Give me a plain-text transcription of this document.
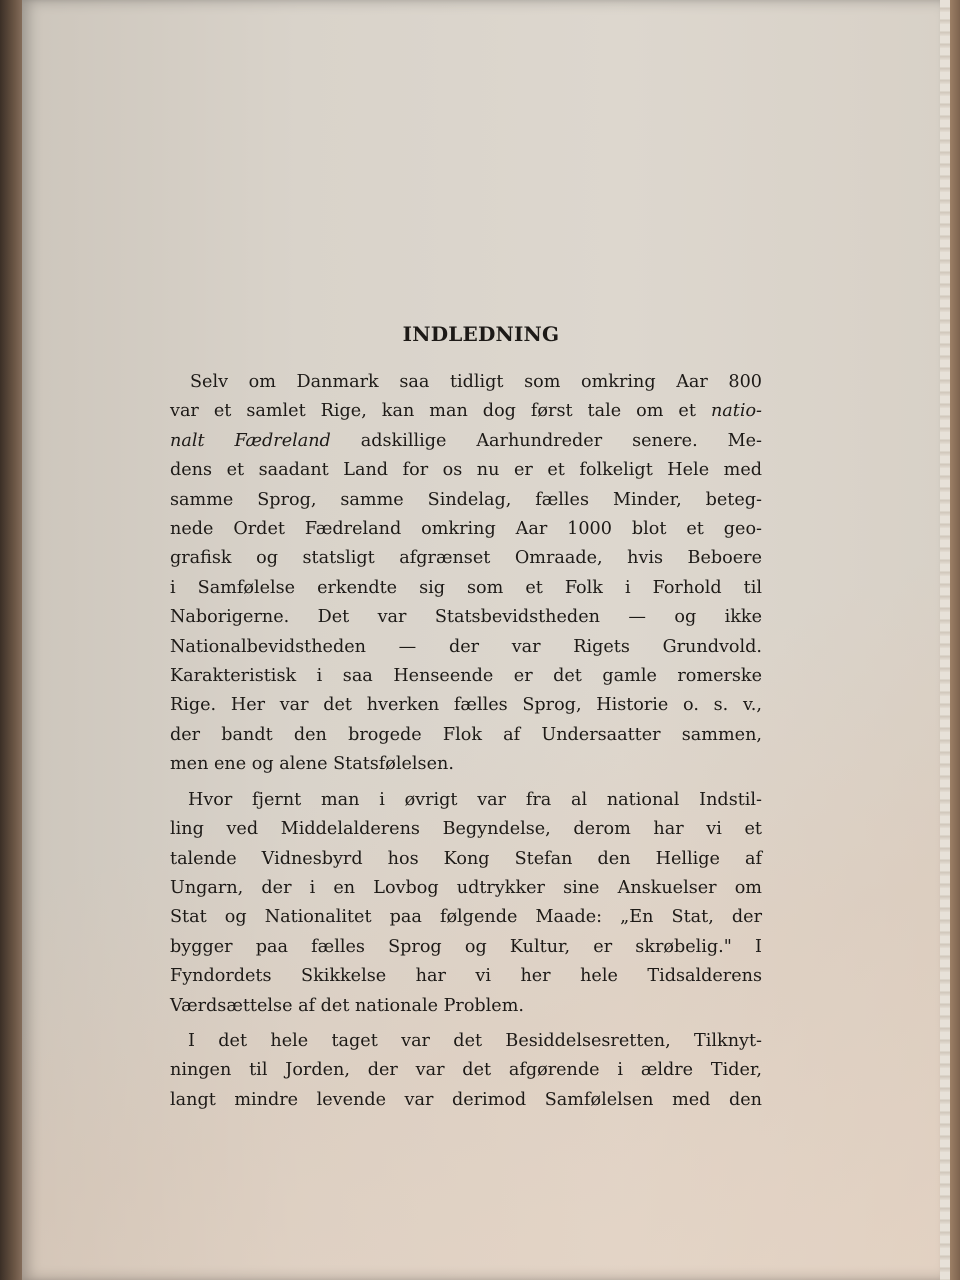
INDLEDNING
Selv om Danmark saa tidligt som omkring Aar 800
var et samlet Rige, kan man dog først tale om et natio-
nalt Fædreland adskillige Aarhundreder senere. Me-
dens et saadant Land for os nu er et folkeligt Hele med
samme Sprog, samme Sindelag, fælles Minder, beteg-
nede Ordet Fædreland omkring Aar 1000 blot et geo-
grafisk og statsligt afgrænset Omraade, hvis Beboere
i Samfølelse erkendte sig som et Folk i Forhold til
Naborigerne. Det var Statsbevidstheden — og ikke
Nationalbevidstheden — der var Rigets Grundvold.
Karakteristisk i saa Henseende er det gamle romerske
Rige. Her var det hverken fælles Sprog, Historie o. s. v.,
der bandt den brogede Flok af Undersaatter sammen,
men ene og alene Statsfølelsen.
Hvor fjernt man i øvrigt var fra al national Indstil-
ling ved Middelalderens Begyndelse, derom har vi et
talende Vidnesbyrd hos Kong Stefan den Hellige af
Ungarn, der i en Lovbog udtrykker sine Anskuelser om
Stat og Nationalitet paa følgende Maade: „En Stat, der
bygger paa fælles Sprog og Kultur, er skrøbelig." I
Fyndordets Skikkelse har vi her hele Tidsalderens
Værdsættelse af det nationale Problem.
I det hele taget var det Besiddelsesretten, Tilknyt-
ningen til Jorden, der var det afgørende i ældre Tider,
langt mindre levende var derimod Samfølelsen med den
